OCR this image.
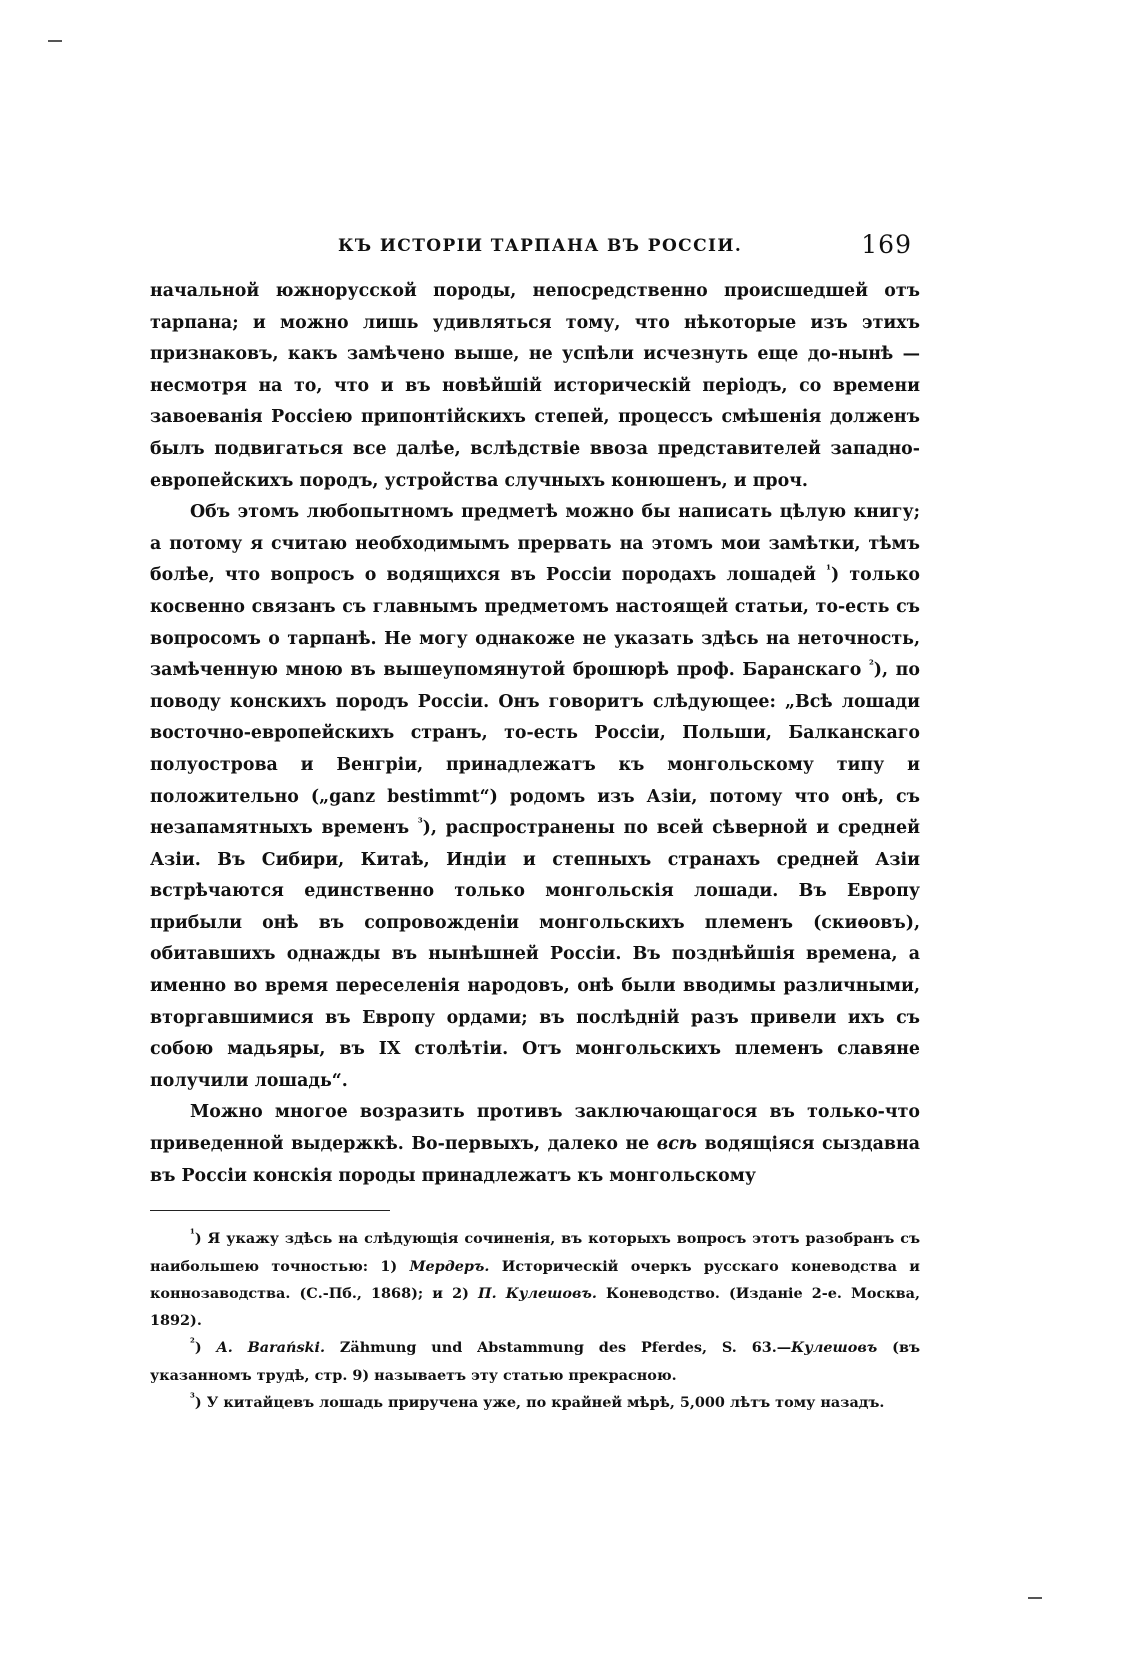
КЪ ИСТОРІИ ТАРПАНА ВЪ РОССІИ.	169

начальной южнорусской породы, непосредственно происшедшей отъ тарпана; и можно лишь удивляться тому, что нѣкоторые изъ этихъ признаковъ, какъ замѣчено выше, не успѣли исчезнуть еще до-нынѣ — несмотря на то, что и въ новѣйшій историческій періодъ, со времени завоеванія Россіею припонтійскихъ степей, процессъ смѣшенія долженъ былъ подвигаться все далѣе, вслѣдствіе ввоза представителей западно-европейскихъ породъ, устройства случныхъ конюшенъ, и проч.

Объ этомъ любопытномъ предметѣ можно бы написать цѣлую книгу; а потому я считаю необходимымъ прервать на этомъ мои замѣтки, тѣмъ болѣе, что вопросъ о водящихся въ Россіи породахъ лошадей $^{^1}$) только косвенно связанъ съ главнымъ предметомъ настоящей статьи, то-есть съ вопросомъ о тарпанѣ. Не могу однакоже не указать здѣсь на неточность, замѣченную мною въ вышеупомянутой брошюрѣ проф. Баранскаго $^{^2}$), по поводу конскихъ породъ Россіи. Онъ говоритъ слѣдующее: „Всѣ лошади восточно-европейскихъ странъ, то-есть Россіи, Польши, Балканскаго полуострова и Венгріи, принадлежатъ къ монгольскому типу и положительно („ganz bestimmt“) родомъ изъ Азіи, потому что онѣ, съ незапамятныхъ временъ $^{^3}$), распространены по всей сѣверной и средней Азіи. Въ Сибири, Китаѣ, Индіи и степныхъ странахъ средней Азіи встрѣчаются единственно только монгольскія лошади. Въ Европу прибыли онѣ въ сопровожденіи монгольскихъ племенъ (скиѳовъ), обитавшихъ однажды въ нынѣшней Россіи. Въ позднѣйшія времена, а именно во время переселенія народовъ, онѣ были вводимы различными, вторгавшимися въ Европу ордами; въ послѣдній разъ привели ихъ съ собою мадьяры, въ IX столѣтіи. Отъ монгольскихъ племенъ славяне получили лошадь“.

Можно многое возразить противъ заключающагося въ только-что приведенной выдержкѣ. Во-первыхъ, далеко не всѣ водящіяся сыздавна въ Россіи конскія породы принадлежатъ къ монгольскому

$^{^1}$) Я укажу здѣсь на слѣдующія сочиненія, въ которыхъ вопросъ этотъ разобранъ съ наибольшею точностью: 1) Мердеръ. Историческій очеркъ русскаго коневодства и коннозаводства. (С.-Пб., 1868); и 2) П. Кулешовъ. Коневодство. (Изданіе 2-е. Москва, 1892).

$^{^2}$) A. Barański. Zähmung und Abstammung des Pferdes, S. 63.—Кулешовъ (въ указанномъ трудѣ, стр. 9) называетъ эту статью прекрасною.

$^{^3}$) У китайцевъ лошадь приручена уже, по крайней мѣрѣ, 5,000 лѣтъ тому назадъ.
